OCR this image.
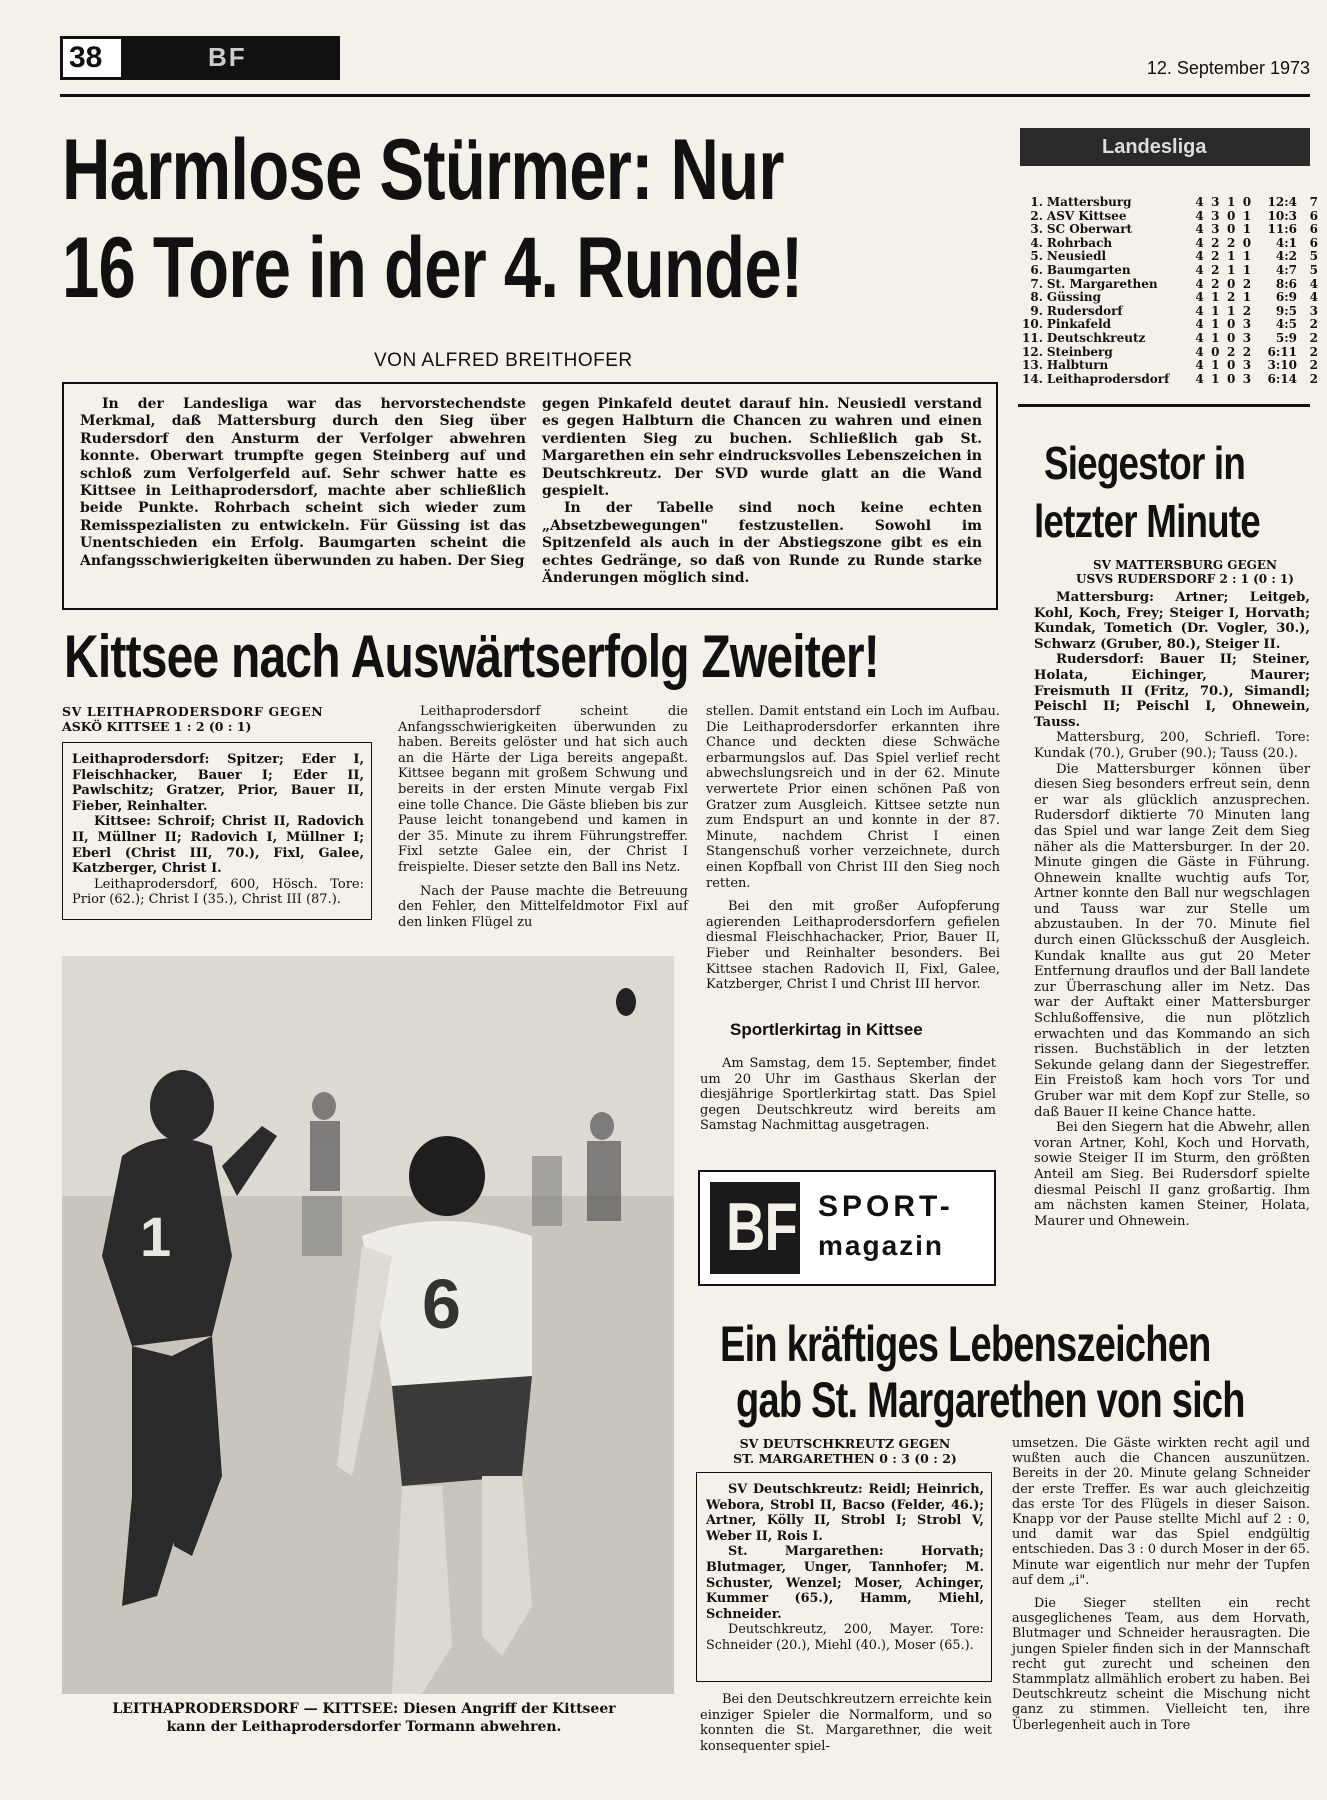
38	BF	12. September 1973
Harmlose Stürmer: Nur
16 Tore in der 4. Runde!
VON ALFRED BREITHOFER

In der Landesliga war das hervorstechendste Merkmal, daß Mattersburg durch den Sieg über Rudersdorf den Ansturm der Verfolger abwehren konnte. Oberwart trumpfte gegen Steinberg auf und schloß zum Verfolgerfeld auf. Sehr schwer hatte es Kittsee in Leithaprodersdorf, machte aber schließlich beide Punkte. Rohrbach scheint sich wieder zum Remisspezialisten zu entwickeln. Für Güssing ist das Unentschieden ein Erfolg. Baumgarten scheint die Anfangsschwierigkeiten überwunden zu haben. Der Sieg

gegen Pinkafeld deutet darauf hin. Neusiedl verstand es gegen Halbturn die Chancen zu wahren und einen verdienten Sieg zu buchen. Schließlich gab St. Margarethen ein sehr eindrucksvolles Lebenszeichen in Deutschkreutz. Der SVD wurde glatt an die Wand gespielt.

In der Tabelle sind noch keine echten „Absetzbewegungen" festzustellen. Sowohl im Spitzenfeld als auch in der Abstiegszone gibt es ein echtes Gedränge, so daß von Runde zu Runde starke Änderungen möglich sind.

Landesliga
1.	Mattersburg	4	3	1	0	12:4	7
2.	ASV Kittsee	4	3	0	1	10:3	6
3.	SC Oberwart	4	3	0	1	11:6	6
4.	Rohrbach	4	2	2	0	4:1	6
5.	Neusiedl	4	2	1	1	4:2	5
6.	Baumgarten	4	2	1	1	4:7	5
7.	St. Margarethen	4	2	0	2	8:6	4
8.	Güssing	4	1	2	1	6:9	4
9.	Rudersdorf	4	1	1	2	9:5	3
10.	Pinkafeld	4	1	0	3	4:5	2
11.	Deutschkreutz	4	1	0	3	5:9	2
12.	Steinberg	4	0	2	2	6:11	2
13.	Halbturn	4	1	0	3	3:10	2
14.	Leithaprodersdorf	4	1	0	3	6:14	2
Siegestor in
letzter Minute
SV MATTERSBURG GEGEN
USVS RUDERSDORF 2 : 1 (0 : 1)

Mattersburg: Artner; Leitgeb, Kohl, Koch, Frey; Steiger I, Horvath; Kundak, Tometich (Dr. Vogler, 30.), Schwarz (Gruber, 80.), Steiger II.

Rudersdorf: Bauer II; Steiner, Holata, Eichinger, Maurer; Freismuth II (Fritz, 70.), Simandl; Peischl II; Peischl I, Ohnewein, Tauss.

Mattersburg, 200, Schriefl. Tore: Kundak (70.), Gruber (90.); Tauss (20.).

Die Mattersburger können über diesen Sieg besonders erfreut sein, denn er war als glücklich anzusprechen. Rudersdorf diktierte 70 Minuten lang das Spiel und war lange Zeit dem Sieg näher als die Mattersburger. In der 20. Minute gingen die Gäste in Führung. Ohnewein knallte wuchtig aufs Tor, Artner konnte den Ball nur wegschlagen und Tauss war zur Stelle um abzustauben. In der 70. Minute fiel durch einen Glücksschuß der Ausgleich. Kundak knallte aus gut 20 Meter Entfernung drauflos und der Ball landete zur Überraschung aller im Netz. Das war der Auftakt einer Mattersburger Schlußoffensive, die nun plötzlich erwachten und das Kommando an sich rissen. Buchstäblich in der letzten Sekunde gelang dann der Siegestreffer. Ein Freistoß kam hoch vors Tor und Gruber war mit dem Kopf zur Stelle, so daß Bauer II keine Chance hatte.

Bei den Siegern hat die Abwehr, allen voran Artner, Kohl, Koch und Horvath, sowie Steiger II im Sturm, den größten Anteil am Sieg. Bei Rudersdorf spielte diesmal Peischl II ganz großartig. Ihm am nächsten kamen Steiner, Holata, Maurer und Ohnewein.

Kittsee nach Auswärtserfolg Zweiter!
SV LEITHAPRODERSDORF GEGEN
ASKÖ KITTSEE 1 : 2 (0 : 1)

Leithaprodersdorf: Spitzer; Eder I, Fleischhacker, Bauer I; Eder II, Pawlschitz; Gratzer, Prior, Bauer II, Fieber, Reinhalter.

Kittsee: Schroif; Christ II, Radovich II, Müllner II; Radovich I, Müllner I; Eberl (Christ III, 70.), Fixl, Galee, Katzberger, Christ I.

Leithaprodersdorf, 600, Hösch. Tore: Prior (62.); Christ I (35.), Christ III (87.).

Leithaprodersdorf scheint die Anfangsschwierigkeiten überwunden zu haben. Bereits gelöster und hat sich auch an die Härte der Liga bereits angepaßt. Kittsee begann mit großem Schwung und bereits in der ersten Minute vergab Fixl eine tolle Chance. Die Gäste blieben bis zur Pause leicht tonangebend und kamen in der 35. Minute zu ihrem Führungstreffer. Fixl setzte Galee ein, der Christ I freispielte. Dieser setzte den Ball ins Netz.

Nach der Pause machte die Betreuung den Fehler, den Mittelfeldmotor Fixl auf den linken Flügel zu

stellen. Damit entstand ein Loch im Aufbau. Die Leithaprodersdorfer erkannten ihre Chance und deckten diese Schwäche erbarmungslos auf. Das Spiel verlief recht abwechslungsreich und in der 62. Minute verwertete Prior einen schönen Paß von Gratzer zum Ausgleich. Kittsee setzte nun zum Endspurt an und konnte in der 87. Minute, nachdem Christ I einen Stangenschuß vorher verzeichnete, durch einen Kopfball von Christ III den Sieg noch retten.

Bei den mit großer Aufopferung agierenden Leithaprodersdorfern gefielen diesmal Fleischhachacker, Prior, Bauer II, Fieber und Reinhalter besonders. Bei Kittsee stachen Radovich II, Fixl, Galee, Katzberger, Christ I und Christ III hervor.

1
6
LEITHAPRODERSDORF — KITTSEE: Diesen Angriff der Kittseer
kann der Leithaprodersdorfer Tormann abwehren.
Sportlerkirtag in Kittsee

Am Samstag, dem 15. September, findet um 20 Uhr im Gasthaus Skerlan der diesjährige Sportlerkirtag statt. Das Spiel gegen Deutschkreutz wird bereits am Samstag Nachmittag ausgetragen.

BF SPORT-
magazin
Ein kräftiges Lebenszeichen
gab St. Margarethen von sich
SV DEUTSCHKREUTZ GEGEN
ST. MARGARETHEN 0 : 3 (0 : 2)

SV Deutschkreutz: Reidl; Heinrich, Webora, Strobl II, Bacso (Felder, 46.); Artner, Kölly II, Strobl I; Strobl V, Weber II, Rois I.

St. Margarethen: Horvath; Blutmager, Unger, Tannhofer; M. Schuster, Wenzel; Moser, Achinger, Kummer (65.), Hamm, Miehl, Schneider.

Deutschkreutz, 200, Mayer. Tore: Schneider (20.), Miehl (40.), Moser (65.).

Bei den Deutschkreutzern erreichte kein einziger Spieler die Normalform, und so konnten die St. Margarethner, die weit konsequenter spiel-

umsetzen. Die Gäste wirkten recht agil und wußten auch die Chancen auszunützen. Bereits in der 20. Minute gelang Schneider der erste Treffer. Es war auch gleichzeitig das erste Tor des Flügels in dieser Saison. Knapp vor der Pause stellte Michl auf 2 : 0, und damit war das Spiel endgültig entschieden. Das 3 : 0 durch Moser in der 65. Minute war eigentlich nur mehr der Tupfen auf dem „i".

Die Sieger stellten ein recht ausgeglichenes Team, aus dem Horvath, Blutmager und Schneider herausragten. Die jungen Spieler finden sich in der Mannschaft recht gut zurecht und scheinen den Stammplatz allmählich erobert zu haben. Bei Deutschkreutz scheint die Mischung nicht ganz zu stimmen. Vielleicht ten, ihre Überlegenheit auch in Tore
